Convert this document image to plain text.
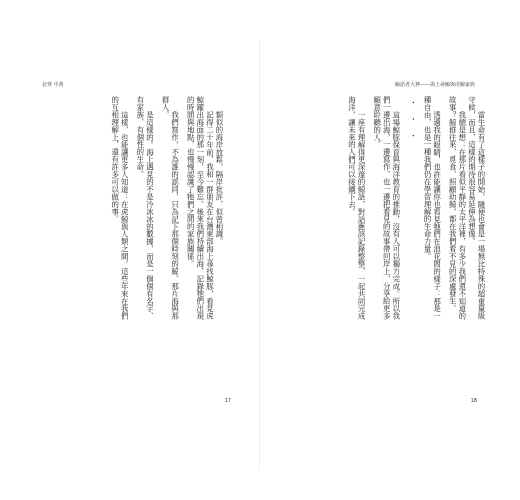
北齊 中黃

類似的海岸放鬆，隔岸批評，似曾相識。

記得二十年前，我和一群朋友在台灣東部海上尋找鯨豚，看見虎鯨躍出海面的那一刻，至今難忘。後來我們持續出海，記錄牠們出現的時間與地點，也慢慢認識了牠們之間的家族關係。

我們寫作，不為誰的認同，只為記下那個時刻的鯨、那片海與那群人。

是這樣的。海上遇見的不是冷冰冰的數據，而是一個個有名字、有家族、有個性的生命。

這樣，也能讓更多人知道：在虎鯨與人類之間，這些年來在我們的互相理解上，還有許多可以做的事。

17
鯨語者大神——海上尋鯨與虎鯨家族

當生命有了這樣子的開始，隨便也會是一場無比特殊的超重量級守候，而且，這樣的期待很容易延伸為想像。

我總是想：在那片看似平靜的太平洋裡，有多少我們還不知道的故事？鯨群往來、覓食、照顧幼鯨，都在我們看不見的深處發生。

透過我的眼睛，也許能讓你也看見牠們在浪花間的樣子：那是一種自由，也是一種我們仍在學習理解的生命力量。

• • •

這場鯨豚保育與海洋教育的推動，沒有人可以獨力完成。所以我們一邊出海，一邊寫作，也一邊把看見的故事帶回岸上，分享給更多願意聆聽的人。

一座有理解得更深邃的鯨語，對話應該記錄整整，一起共同完成海洋，讓未來的人們可以接續下去。

18
